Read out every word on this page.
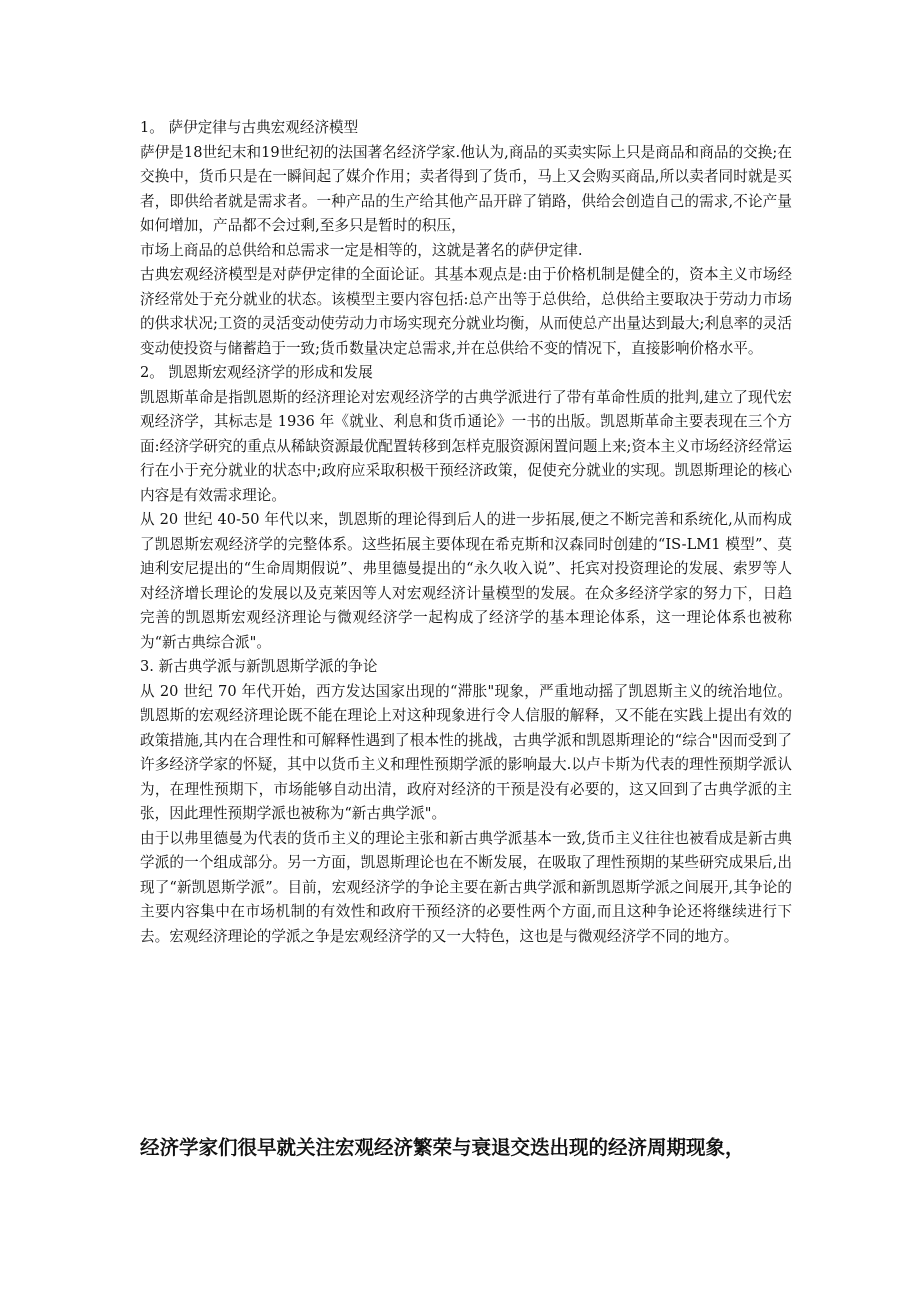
1。 萨伊定律与古典宏观经济模型

萨伊是18世纪末和19世纪初的法国著名经济学家.他认为,商品的买卖实际上只是商品和商品的交换;在交换中，货币只是在一瞬间起了媒介作用；卖者得到了货币，马上又会购买商品,所以卖者同时就是买者，即供给者就是需求者。一种产品的生产给其他产品开辟了销路，供给会创造自己的需求,不论产量如何增加，产品都不会过剩,至多只是暂时的积压，

市场上商品的总供给和总需求一定是相等的，这就是著名的萨伊定律.

古典宏观经济模型是对萨伊定律的全面论证。其基本观点是:由于价格机制是健全的，资本主义市场经济经常处于充分就业的状态。该模型主要内容包括:总产出等于总供给，总供给主要取决于劳动力市场的供求状况;工资的灵活变动使劳动力市场实现充分就业均衡，从而使总产出量达到最大;利息率的灵活变动使投资与储蓄趋于一致;货币数量决定总需求,并在总供给不变的情况下，直接影响价格水平。

2。 凯恩斯宏观经济学的形成和发展

凯恩斯革命是指凯恩斯的经济理论对宏观经济学的古典学派进行了带有革命性质的批判,建立了现代宏观经济学，其标志是 1936 年《就业、利息和货币通论》一书的出版。凯恩斯革命主要表现在三个方面:经济学研究的重点从稀缺资源最优配置转移到怎样克服资源闲置问题上来;资本主义市场经济经常运行在小于充分就业的状态中;政府应采取积极干预经济政策，促使充分就业的实现。凯恩斯理论的核心内容是有效需求理论。

从 20 世纪 40-50 年代以来，凯恩斯的理论得到后人的进一步拓展,便之不断完善和系统化,从而构成了凯恩斯宏观经济学的完整体系。这些拓展主要体现在希克斯和汉森同时创建的“IS-LM1 模型”、莫迪利安尼提出的“生命周期假说”、弗里德曼提出的“永久收入说”、托宾对投资理论的发展、索罗等人对经济增长理论的发展以及克莱因等人对宏观经济计量模型的发展。在众多经济学家的努力下，日趋完善的凯恩斯宏观经济理论与微观经济学一起构成了经济学的基本理论体系，这一理论体系也被称为“新古典综合派"。

3. 新古典学派与新凯恩斯学派的争论

从 20 世纪 70 年代开始，西方发达国家出现的“滞胀"现象，严重地动摇了凯恩斯主义的统治地位。凯恩斯的宏观经济理论既不能在理论上对这种现象进行令人信服的解释，又不能在实践上提出有效的政策措施,其内在合理性和可解释性遇到了根本性的挑战，古典学派和凯恩斯理论的“综合"因而受到了许多经济学家的怀疑，其中以货币主义和理性预期学派的影响最大.以卢卡斯为代表的理性预期学派认为，在理性预期下，市场能够自动出清，政府对经济的干预是没有必要的，这又回到了古典学派的主张，因此理性预期学派也被称为“新古典学派"。

由于以弗里德曼为代表的货币主义的理论主张和新古典学派基本一致,货币主义往往也被看成是新古典学派的一个组成部分。另一方面，凯恩斯理论也在不断发展，在吸取了理性预期的某些研究成果后,出现了“新凯恩斯学派”。目前，宏观经济学的争论主要在新古典学派和新凯恩斯学派之间展开,其争论的主要内容集中在市场机制的有效性和政府干预经济的必要性两个方面,而且这种争论还将继续进行下去。宏观经济理论的学派之争是宏观经济学的又一大特色，这也是与微观经济学不同的地方。

经济学家们很早就关注宏观经济繁荣与衰退交迭出现的经济周期现象，
